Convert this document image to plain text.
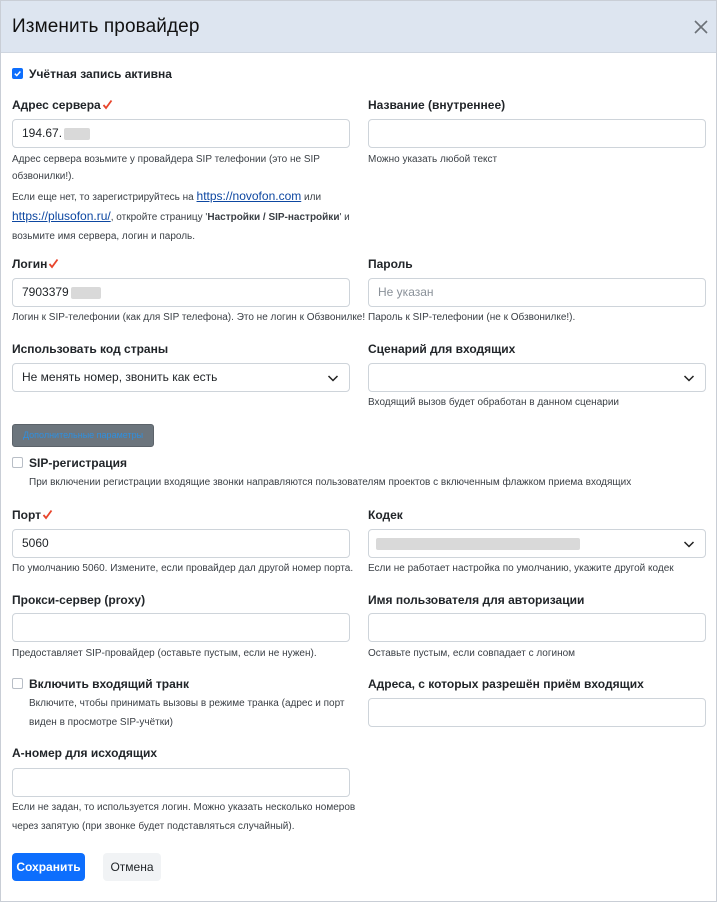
Изменить провайдер
Учётная запись активна
Адрес сервера
194.67.
Адрес сервера возьмите у провайдера SIP телефонии (это не SIP обзвонилки!).
Если еще нет, то зарегистрируйтесь на https://novofon.com или
https://plusofon.ru/, откройте страницу 'Настройки / SIP-настройки' и
возьмите имя сервера, логин и пароль.
Название (внутреннее)
Можно указать любой текст
Логин
7903379
Логин к SIP-телефонии (как для SIP телефона). Это не логин к Обзвонилке!
Пароль
Не указан
Пароль к SIP-телефонии (не к Обзвонилке!).
Использовать код страны
Не менять номер, звонить как есть
Сценарий для входящих
Входящий вызов будет обработан в данном сценарии
Дополнительные параметры
SIP-регистрация
При включении регистрации входящие звонки направляются пользователям проектов с включенным флажком приема входящих
Порт
5060
По умолчанию 5060. Измените, если провайдер дал другой номер порта.
Кодек
Если не работает настройка по умолчанию, укажите другой кодек
Прокси-сервер (proxy)
Предоставляет SIP-провайдер (оставьте пустым, если не нужен).
Имя пользователя для авторизации
Оставьте пустым, если совпадает с логином
Включить входящий транк
Включите, чтобы принимать вызовы в режиме транка (адрес и порт
виден в просмотре SIP-учётки)
Адреса, с которых разрешён приём входящих
А-номер для исходящих
Если не задан, то используется логин. Можно указать несколько номеров
через запятую (при звонке будет подставляться случайный).
Сохранить	Отмена
